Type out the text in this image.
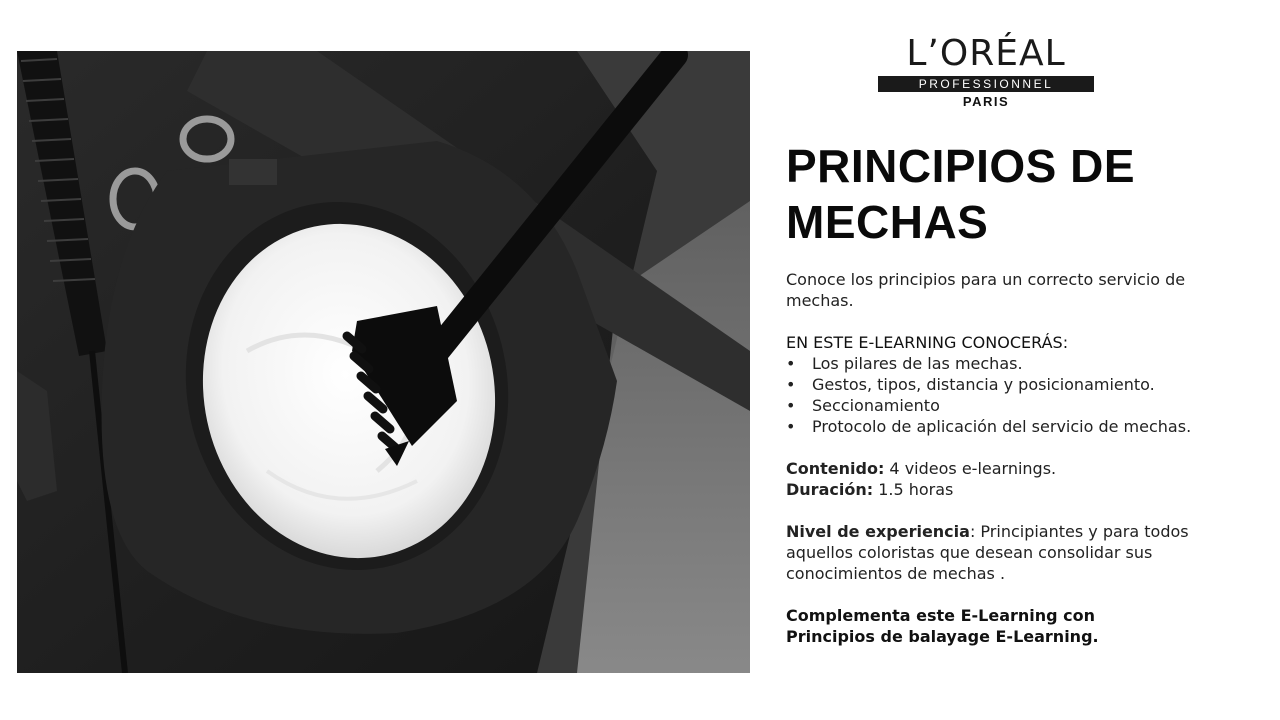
L’ORÉAL
PROFESSIONNEL
PARIS
PRINCIPIOS DE
MECHAS

Conoce los principios para un correcto servicio de mechas.

EN ESTE E-LEARNING CONOCERÁS:

• Los pilares de las mechas.
• Gestos, tipos, distancia y posicionamiento.
• Seccionamiento
• Protocolo de aplicación del servicio de mechas.

Contenido: 4 videos e-learnings.

Duración: 1.5 horas

Nivel de experiencia: Principiantes y para todos aquellos coloristas que desean consolidar sus conocimientos de mechas .

Complementa este E-Learning con

Principios de balayage E-Learning.
